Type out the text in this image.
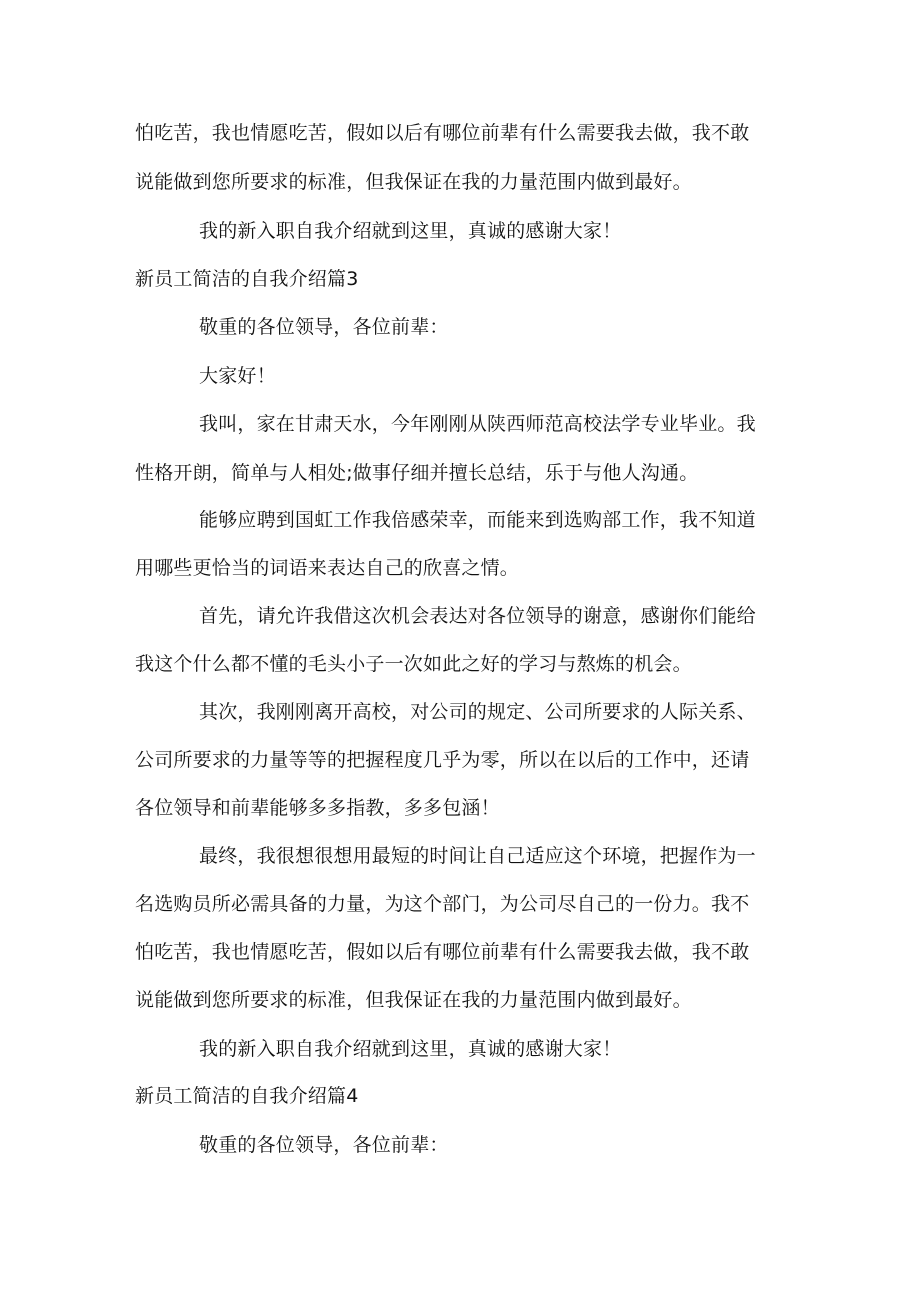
怕吃苦，我也情愿吃苦，假如以后有哪位前辈有什么需要我去做，我不敢
说能做到您所要求的标准，但我保证在我的力量范围内做到最好。
我的新入职自我介绍就到这里，真诚的感谢大家！
新员工简洁的自我介绍篇3
敬重的各位领导，各位前辈：
大家好！
我叫，家在甘肃天水，今年刚刚从陕西师范高校法学专业毕业。我
性格开朗，简单与人相处;做事仔细并擅长总结，乐于与他人沟通。
能够应聘到国虹工作我倍感荣幸，而能来到选购部工作，我不知道
用哪些更恰当的词语来表达自己的欣喜之情。
首先，请允许我借这次机会表达对各位领导的谢意，感谢你们能给
我这个什么都不懂的毛头小子一次如此之好的学习与熬炼的机会。
其次，我刚刚离开高校，对公司的规定、公司所要求的人际关系、
公司所要求的力量等等的把握程度几乎为零，所以在以后的工作中，还请
各位领导和前辈能够多多指教，多多包涵！
最终，我很想很想用最短的时间让自己适应这个环境，把握作为一
名选购员所必需具备的力量，为这个部门，为公司尽自己的一份力。我不
怕吃苦，我也情愿吃苦，假如以后有哪位前辈有什么需要我去做，我不敢
说能做到您所要求的标准，但我保证在我的力量范围内做到最好。
我的新入职自我介绍就到这里，真诚的感谢大家！
新员工简洁的自我介绍篇4
敬重的各位领导，各位前辈：
